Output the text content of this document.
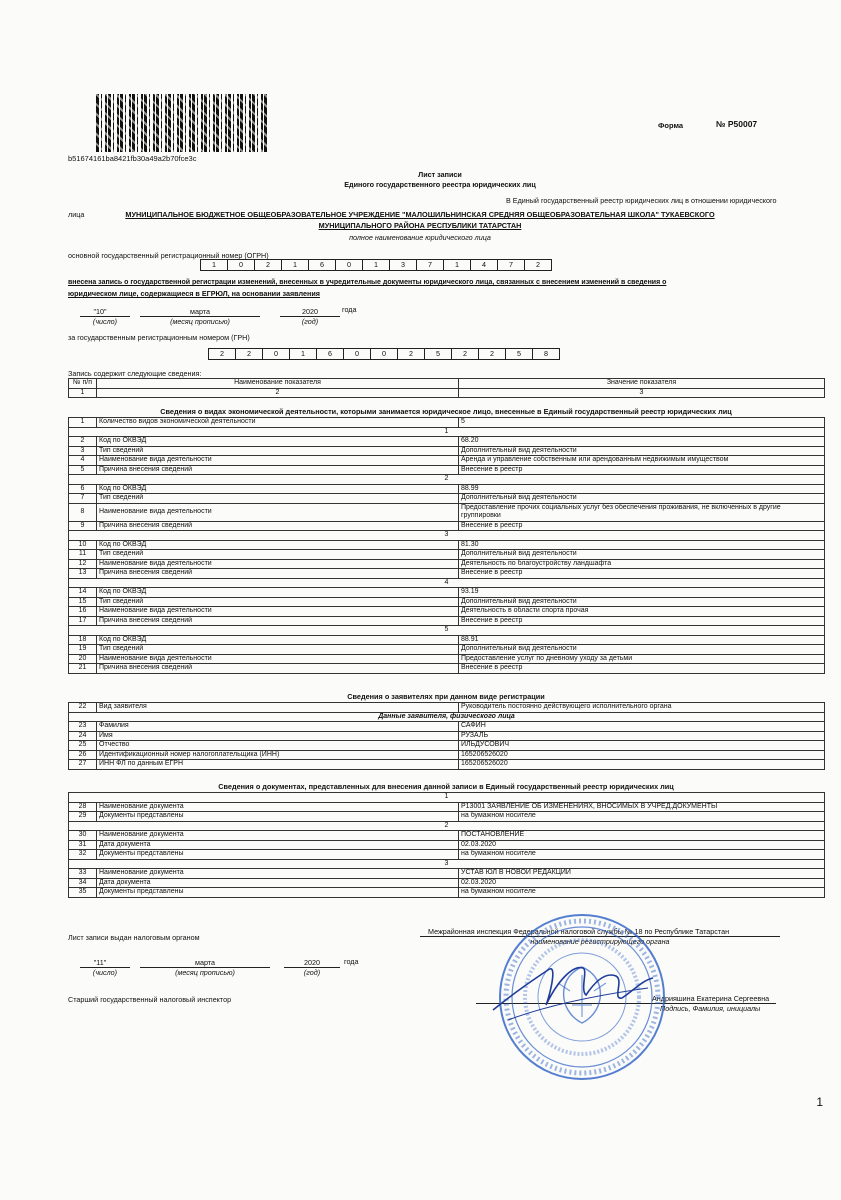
b51674161ba8421fb30a49a2b70fce3c
Форма	№ Р50007
Лист записи
Единого государственного реестра юридических лиц
В Единый государственный реестр юридических лиц в отношении юридического
лица	МУНИЦИПАЛЬНОЕ БЮДЖЕТНОЕ ОБЩЕОБРАЗОВАТЕЛЬНОЕ УЧРЕЖДЕНИЕ "МАЛОШИЛЬНИНСКАЯ СРЕДНЯЯ ОБЩЕОБРАЗОВАТЕЛЬНАЯ ШКОЛА" ТУКАЕВСКОГО
МУНИЦИПАЛЬНОГО РАЙОНА РЕСПУБЛИКИ ТАТАРСТАН
полное наименование юридического лица
основной государственный регистрационный номер (ОГРН)
1	0	2	1	6	0	1	3	7	1	4	7	2
внесена запись о государственной регистрации изменений, внесенных в учредительные документы юридического лица, связанных с внесением изменений в сведения о
юридическом лице, содержащиеся в ЕГРЮЛ, на основании заявления
"10"	марта	2020	года
(число)	(месяц прописью)	(год)
за государственным регистрационным номером (ГРН)
2	2	0	1	6	0	0	2	5	2	2	5	8
Запись содержит следующие сведения:
№ п/п	Наименование показателя	Значение показателя
1	2	3
Сведения о видах экономической деятельности, которыми занимается юридическое лицо, внесенные в Единый государственный реестр юридических лиц
1	Количество видов экономической деятельности	5
1		
2	Код по ОКВЭД	68.20
3	Тип сведений	Дополнительный вид деятельности
4	Наименование вида деятельности	Аренда и управление собственным или арендованным недвижимым имуществом
5	Причина внесения сведений	Внесение в реестр
2		
6	Код по ОКВЭД	88.99
7	Тип сведений	Дополнительный вид деятельности
8	Наименование вида деятельности	Предоставление прочих социальных услуг без обеспечения проживания, не включенных в другие группировки
9	Причина внесения сведений	Внесение в реестр
3		
10	Код по ОКВЭД	81.30
11	Тип сведений	Дополнительный вид деятельности
12	Наименование вида деятельности	Деятельность по благоустройству ландшафта
13	Причина внесения сведений	Внесение в реестр
4		
14	Код по ОКВЭД	93.19
15	Тип сведений	Дополнительный вид деятельности
16	Наименование вида деятельности	Деятельность в области спорта прочая
17	Причина внесения сведений	Внесение в реестр
5		
18	Код по ОКВЭД	88.91
19	Тип сведений	Дополнительный вид деятельности
20	Наименование вида деятельности	Предоставление услуг по дневному уходу за детьми
21	Причина внесения сведений	Внесение в реестр
Сведения о заявителях при данном виде регистрации
22	Вид заявителя	Руководитель постоянно действующего исполнительного органа
Данные заявителя, физического лица		
23	Фамилия	САФИН
24	Имя	РУЗАЛЬ
25	Отчество	ИЛЬДУСОВИЧ
26	Идентификационный номер налогоплательщика (ИНН)	165206526020
27	ИНН ФЛ по данным ЕГРН	165206526020
Сведения о документах, представленных для внесения данной записи в Единый государственный реестр юридических лиц
1		
28	Наименование документа	Р13001 ЗАЯВЛЕНИЕ ОБ ИЗМЕНЕНИЯХ, ВНОСИМЫХ В УЧРЕД.ДОКУМЕНТЫ
29	Документы представлены	на бумажном носителе
2		
30	Наименование документа	ПОСТАНОВЛЕНИЕ
31	Дата документа	02.03.2020
32	Документы представлены	на бумажном носителе
3		
33	Наименование документа	УСТАВ ЮЛ В НОВОЙ РЕДАКЦИИ
34	Дата документа	02.03.2020
35	Документы представлены	на бумажном носителе
Лист записи выдан налоговым органом
Межрайонная инспекция Федеральной налоговой службы № 18 по Республике Татарстан
наименование регистрирующего органа
"11"	марта	2020	года
(число)	(месяц прописью)	(год)
Старший государственный налоговый инспектор	Андрияшина Екатерина Сергеевна
Подпись, Фамилия, инициалы
1
